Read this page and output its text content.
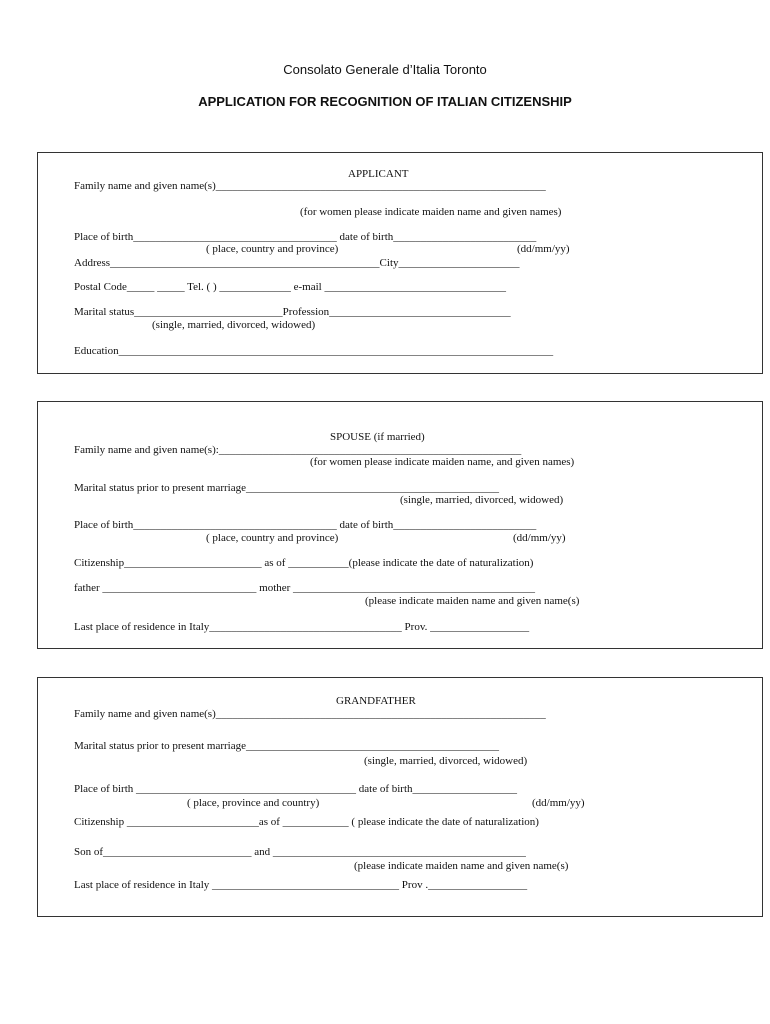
Consolato Generale d’Italia Toronto
APPLICATION FOR RECOGNITION OF ITALIAN CITIZENSHIP
APPLICANT
Family name and given name(s)____________________________________________________________
(for women please indicate maiden name and given names)
Place of birth_____________________________________ date of birth__________________________
( place, country and province)	(dd/mm/yy)
Address_________________________________________________City______________________
Postal Code_____ _____ Tel. ( ) _____________ e-mail _________________________________
Marital status___________________________Profession_________________________________
(single, married, divorced, widowed)
Education_______________________________________________________________________________
SPOUSE (if married)
Family name and given name(s):_______________________________________________________
(for women please indicate maiden name, and given names)
Marital status prior to present marriage______________________________________________
(single, married, divorced, widowed)
Place of birth_____________________________________ date of birth__________________________
( place, country and province)	(dd/mm/yy)
Citizenship_________________________ as of ___________(please indicate the date of naturalization)
father ____________________________ mother ____________________________________________
(please indicate maiden name and given name(s)
Last place of residence in Italy___________________________________ Prov. __________________
GRANDFATHER
Family name and given name(s)____________________________________________________________
Marital status prior to present marriage______________________________________________
(single, married, divorced, widowed)
Place of birth ________________________________________ date of birth___________________
( place, province and country)	(dd/mm/yy)
Citizenship ________________________as of ____________ ( please indicate the date of naturalization)
Son of___________________________ and ______________________________________________
(please indicate maiden name and given name(s)
Last place of residence in Italy __________________________________ Prov .__________________
